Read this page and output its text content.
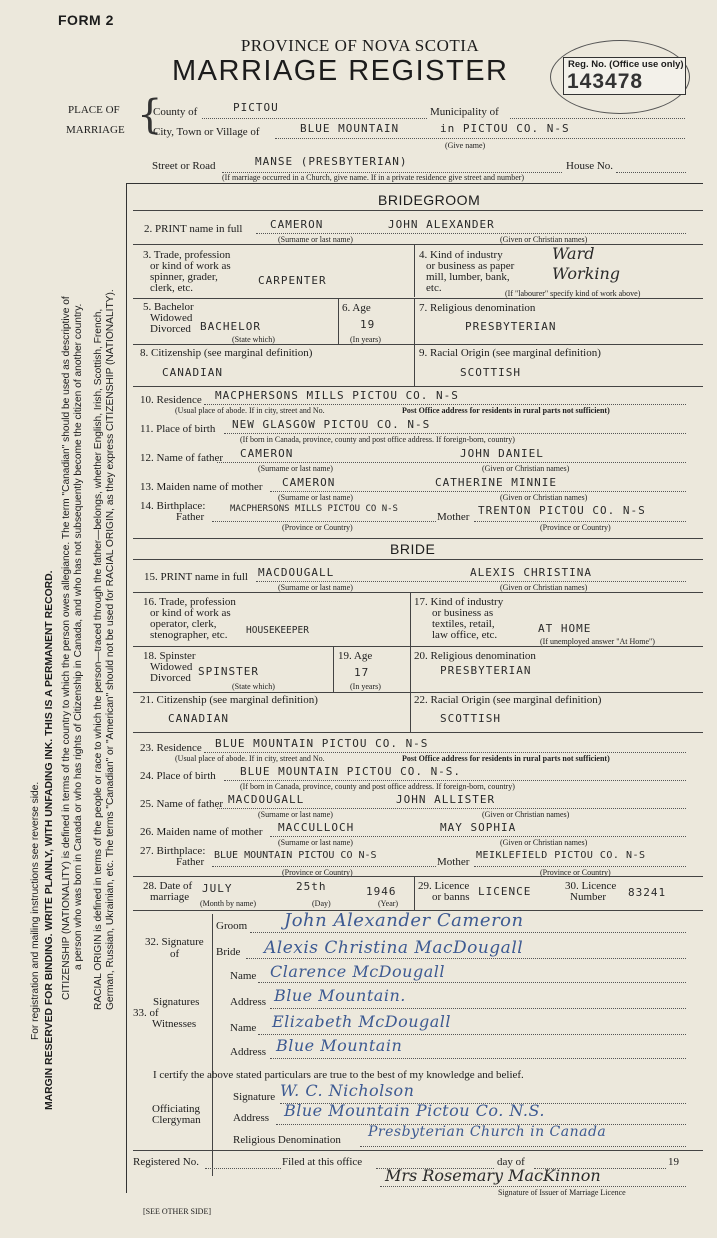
FORM 2
PROVINCE OF NOVA SCOTIA
MARRIAGE REGISTER	Reg. No. (Office use only)
143478
PLACE OF
MARRIAGE {
County of	PICTOU	Municipality of
City, Town or Village of	BLUE MOUNTAIN	in PICTOU CO. N-S
(Give name)
Street or Road	MANSE (PRESBYTERIAN)	House No.
(If marriage occurred in a Church, give name. If in a private residence give street and number)
For registration and mailing instructions see reverse side. MARGIN RESERVED FOR BINDING. WRITE PLAINLY, WITH UNFADING INK. THIS IS A PERMANENT RECORD. CITIZENSHIP (NATIONALITY) is defined in terms of the country to which the person owes allegiance. The term "Canadian" should be used as descriptive of a person who was born in Canada or who has rights of Citizenship in Canada, and who has not subsequently become the citizen of another country. RACIAL ORIGIN is defined in terms of the people or race to which the person—traced through the father—belongs, whether English, Irish, Scottish, French, German, Russian, Ukrainian, etc. The terms "Canadian" or "American" should not be used for RACIAL ORIGIN, as they express CITIZENSHIP (NATIONALITY).
BRIDEGROOM
2. PRINT name in full	CAMERON	JOHN ALEXANDER
(Surname or last name)	(Given or Christian names)
3. Trade, profession
or kind of work as
spinner, grader,
clerk, etc.
CARPENTER
4. Kind of industry
or business as paper
mill, lumber, bank,
etc.
Ward
Working
(If "labourer" specify kind of work above)
5. Bachelor
Widowed
Divorced BACHELOR
(State which)
6. Age
19
(In years)
7. Religious denomination
PRESBYTERIAN
8. Citizenship (see marginal definition)
CANADIAN
9. Racial Origin (see marginal definition)
SCOTTISH
10. Residence MACPHERSONS MILLS PICTOU CO. N-S
(Usual place of abode. If in city, street and No.	Post Office address for residents in rural parts not sufficient)
11. Place of birth NEW GLASGOW PICTOU CO. N-S
(If born in Canada, province, county and post office address. If foreign-born, country)
12. Name of father CAMERON	JOHN DANIEL
(Surname or last name)	(Given or Christian names)
13. Maiden name of mother CAMERON	CATHERINE MINNIE
(Surname or last name)	(Given or Christian names)
14. Birthplace:
Father
MACPHERSONS MILLS PICTOU CO N-S
Mother TRENTON PICTOU CO. N-S
(Province or Country)	(Province or Country)
BRIDE
15. PRINT name in full MACDOUGALL	ALEXIS CHRISTINA
(Surname or last name)	(Given or Christian names)
16. Trade, profession
or kind of work as
operator, clerk,
stenographer, etc. HOUSEKEEPER
17. Kind of industry
or business as
textiles, retail,
law office, etc.	AT HOME
(If unemployed answer "At Home")
18. Spinster
Widowed
Divorced SPINSTER
(State which)
19. Age
17
(In years)
20. Religious denomination
PRESBYTERIAN
21. Citizenship (see marginal definition)
CANADIAN
22. Racial Origin (see marginal definition)
SCOTTISH
23. Residence BLUE MOUNTAIN PICTOU CO. N-S
(Usual place of abode. If in city, street and No.	Post Office address for residents in rural parts not sufficient)
24. Place of birth BLUE MOUNTAIN PICTOU CO. N-S.
(If born in Canada, province, county and post office address. If foreign-born, country)
25. Name of father MACDOUGALL	JOHN ALLISTER
(Surname or last name)	(Given or Christian names)
26. Maiden name of mother MACCULLOCH	MAY SOPHIA
(Surname or last name)	(Given or Christian names)
27. Birthplace:
Father
BLUE MOUNTAIN PICTOU CO N-S
Mother
MEIKLEFIELD PICTOU CO. N-S
(Province or Country)	(Province or Country)
28. Date of
marriage
JULY	25th	1946
(Month by name)	(Day)	(Year)
29. Licence
or banns LICENCE	30. Licence
Number 83241
32. Signature
of
Groom John Alexander Cameron
Bride Alexis Christina MacDougall
Signatures
33. of
Witnesses
Name Clarence McDougall
Address Blue Mountain.
Name Elizabeth McDougall
Address Blue Mountain
I certify the above stated particulars are true to the best of my knowledge and belief.
Officiating
Clergyman
Signature W. C. Nicholson
Address Blue Mountain Pictou Co. N.S.
Religious Denomination Presbyterian Church in Canada
Registered No.	Filed at this office	day of	19
Mrs Rosemary MacKinnon
Signature of Issuer of Marriage Licence
[SEE OTHER SIDE]
